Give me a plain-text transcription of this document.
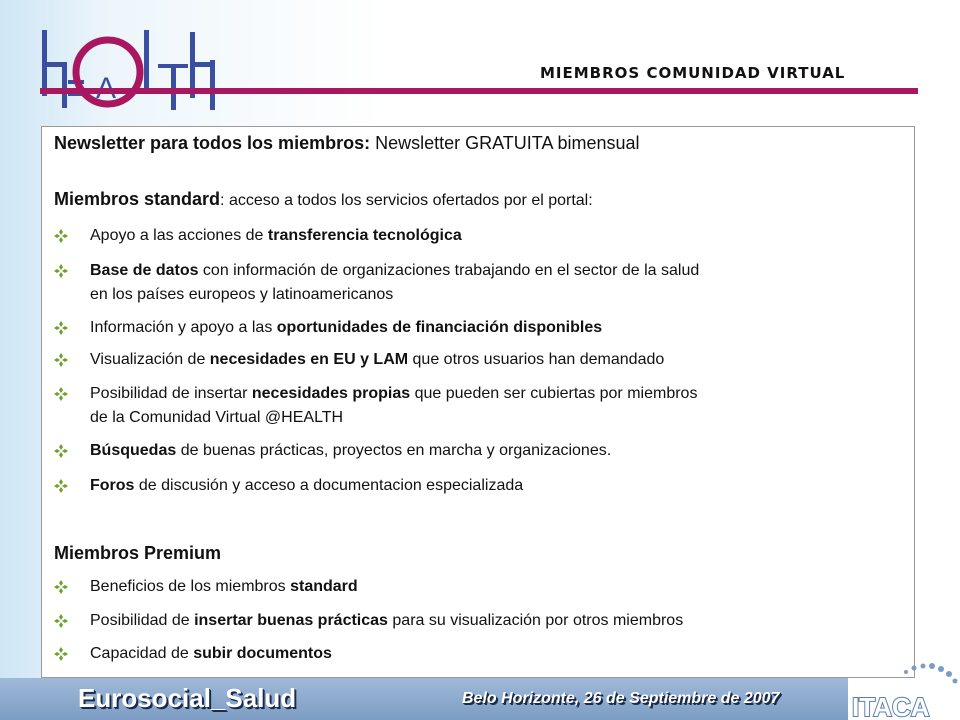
MIEMBROS COMUNIDAD VIRTUAL
Newsletter para todos los miembros: Newsletter GRATUITA bimensual
Miembros standard: acceso a todos los servicios ofertados por el portal:
Apoyo a las acciones de transferencia tecnológica
Base de datos con información de organizaciones trabajando en el sector de la salud
en los países europeos y latinoamericanos
Información y apoyo a las oportunidades de financiación disponibles
Visualización de necesidades en EU y LAM que otros usuarios han demandado
Posibilidad de insertar necesidades propias que pueden ser cubiertas por miembros
de la Comunidad Virtual @HEALTH
Búsquedas de buenas prácticas, proyectos en marcha y organizaciones.
Foros de discusión y acceso a documentacion especializada
Miembros Premium
Beneficios de los miembros standard
Posibilidad de insertar buenas prácticas para su visualización por otros miembros
Capacidad de subir documentos
Eurosocial_Salud	Belo Horizonte, 26 de Septiembre de 2007	ITACA
